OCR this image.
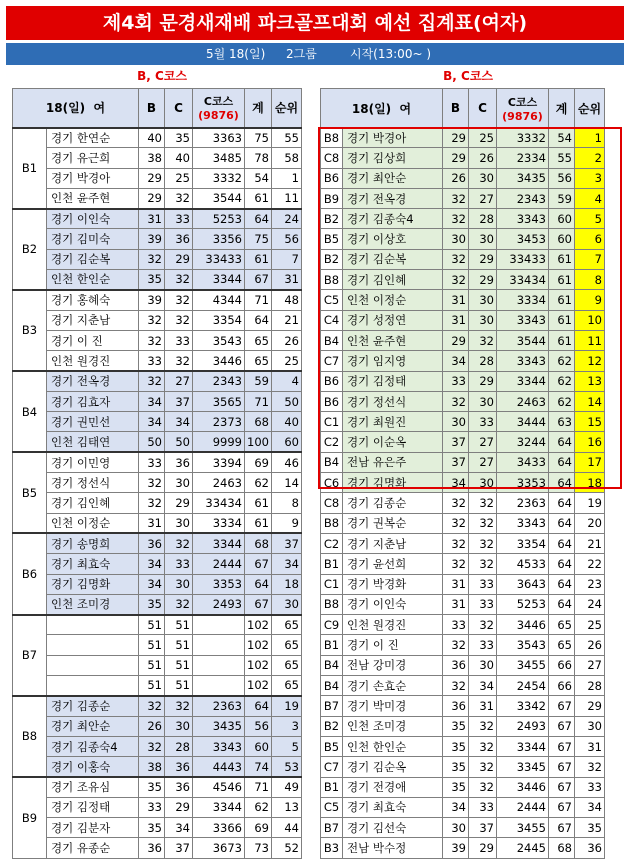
제4회 문경새재배 파크골프대회 예선 집계표(여자)
5월 18(일) 2그룹	시작(13:00~ )
B, C코스	B, C코스
18(일) 여		B	C	C코스
(9876)	계	순위
B1	경기 한연순	40	35	3363	75	55
	경기 유근희	38	40	3485	78	58
	경기 박경아	29	25	3332	54	1
	인천 윤주현	29	32	3544	61	11
B2	경기 이인숙	31	33	5253	64	24
	경기 김미숙	39	36	3356	75	56
	경기 김순복	32	29	33433	61	7
	인천 한인순	35	32	3344	67	31
B3	경기 홍혜숙	39	32	4344	71	48
	경기 지춘남	32	32	3354	64	21
	경기 이 진	32	33	3543	65	26
	인천 원경진	33	32	3446	65	25
B4	경기 전옥경	32	27	2343	59	4
	경기 김효자	34	37	3565	71	50
	경기 권민선	34	34	2373	68	40
	인천 김태연	50	50	9999	100	60
B5	경기 이민영	33	36	3394	69	46
	경기 정선식	32	30	2463	62	14
	경기 김인혜	32	29	33434	61	8
	인천 이정순	31	30	3334	61	9
B6	경기 송명희	36	32	3344	68	37
	경기 최효숙	34	33	2444	67	34
	경기 김명화	34	30	3353	64	18
	인천 조미경	35	32	2493	67	30
B7		51	51		102	65
		51	51		102	65
		51	51		102	65
		51	51		102	65
B8	경기 김종순	32	32	2363	64	19
	경기 최안순	26	30	3435	56	3
	경기 김종숙4	32	28	3343	60	5
	경기 이홍숙	38	36	4443	74	53
B9	경기 조유심	35	36	4546	71	49
	경기 김정태	33	29	3344	62	13
	경기 김분자	35	34	3366	69	44
	경기 유종순	36	37	3673	73	52
18(일) 여		B	C	C코스
(9876)	계	순위
B8	경기 박경아	29	25	3332	54	1
C8	경기 김상희	29	26	2334	55	2
B6	경기 최안순	26	30	3435	56	3
B9	경기 전옥경	32	27	2343	59	4
B2	경기 김종숙4	32	28	3343	60	5
B5	경기 이상호	30	30	3453	60	6
B2	경기 김순복	32	29	33433	61	7
B8	경기 김인혜	32	29	33434	61	8
C5	인천 이정순	31	30	3334	61	9
C4	경기 성정연	31	30	3343	61	10
B4	인천 윤주현	29	32	3544	61	11
C7	경기 임지영	34	28	3343	62	12
B6	경기 김정태	33	29	3344	62	13
B6	경기 정선식	32	30	2463	62	14
C1	경기 최원진	30	33	3444	63	15
C2	경기 이순옥	37	27	3244	64	16
B4	전남 유은주	37	27	3433	64	17
C6	경기 김명화	34	30	3353	64	18
C8	경기 김종순	32	32	2363	64	19
B8	경기 권복순	32	32	3343	64	20
C2	경기 지춘남	32	32	3354	64	21
B1	경기 윤선희	32	32	4533	64	22
C1	경기 박경화	31	33	3643	64	23
B8	경기 이인숙	31	33	5253	64	24
C9	인천 원경진	33	32	3446	65	25
B1	경기 이 진	32	33	3543	65	26
B4	전남 강미경	36	30	3455	66	27
B4	경기 손효순	32	34	2454	66	28
B7	경기 박미경	36	31	3342	67	29
B2	인천 조미경	35	32	2493	67	30
B5	인천 한인순	35	32	3344	67	31
C7	경기 김순옥	35	32	3345	67	32
B1	경기 전경애	35	32	3446	67	33
C5	경기 최효숙	34	33	2444	67	34
B7	경기 김선숙	30	37	3455	67	35
B3	전남 박수정	39	29	2445	68	36
